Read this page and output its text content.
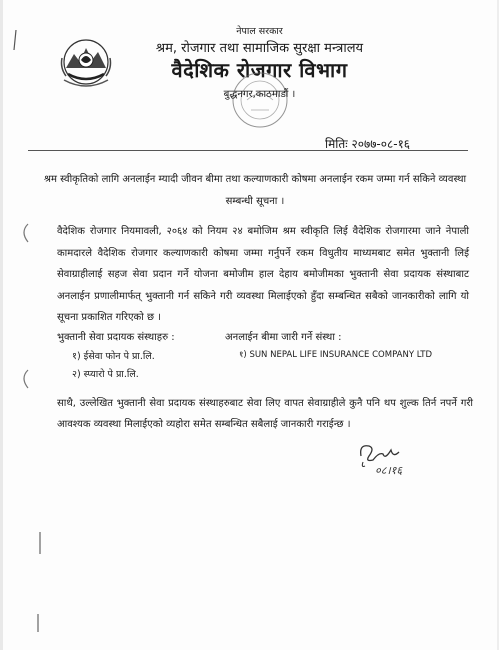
नेपाल सरकार
श्रम, रोजगार तथा सामाजिक सुरक्षा मन्त्रालय
वैदेशिक रोजगार विभाग
बुद्धनगर,काठमाडौं ।
मितिः २०७७-०८-१६
श्रम स्वीकृतिको लागि अनलाईन म्यादी जीवन बीमा तथा कल्याणकारी कोषमा अनलाईन रकम जम्मा गर्न सकिने व्यवस्था सम्बन्धी सूचना ।
वैदेशिक रोजगार नियमावली, २०६४ को नियम २४ बमोजिम श्रम स्वीकृति लिई वैदेशिक रोजगारमा जाने नेपाली कामदारले वैदेशिक रोजगार कल्याणकारी कोषमा जम्मा गर्नुपर्ने रकम विधुतीय माध्यमबाट समेत भुक्तानी लिई सेवाग्राहीलाई सहज सेवा प्रदान गर्ने योजना बमोजीम हाल देहाय बमोजीमका भुक्तानी सेवा प्रदायक संस्थाबाट अनलाईन प्रणालीमार्फत् भुक्तानी गर्न सकिने गरी व्यवस्था मिलाईएको हुँदा सम्बन्धित सबैको जानकारीको लागि यो सूचना प्रकाशित गरिएको छ ।
भुक्तानी सेवा प्रदायक संस्थाहरु :	अनलाईन बीमा जारी गर्ने संस्था :
१) ईसेवा फोन पे प्रा.लि.
२) स्प्यारो पे प्रा.लि.
१) SUN NEPAL LIFE INSURANCE COMPANY LTD
साथै, उल्लेखित भुक्तानी सेवा प्रदायक संस्थाहरुबाट सेवा लिए वापत सेवाग्राहीले कुनै पनि थप शुल्क तिर्न नपर्ने गरी आवश्यक व्यवस्था मिलाईएको व्यहोरा समेत सम्बन्धित सबैलाई जानकारी गराईन्छ ।
०८।१६
